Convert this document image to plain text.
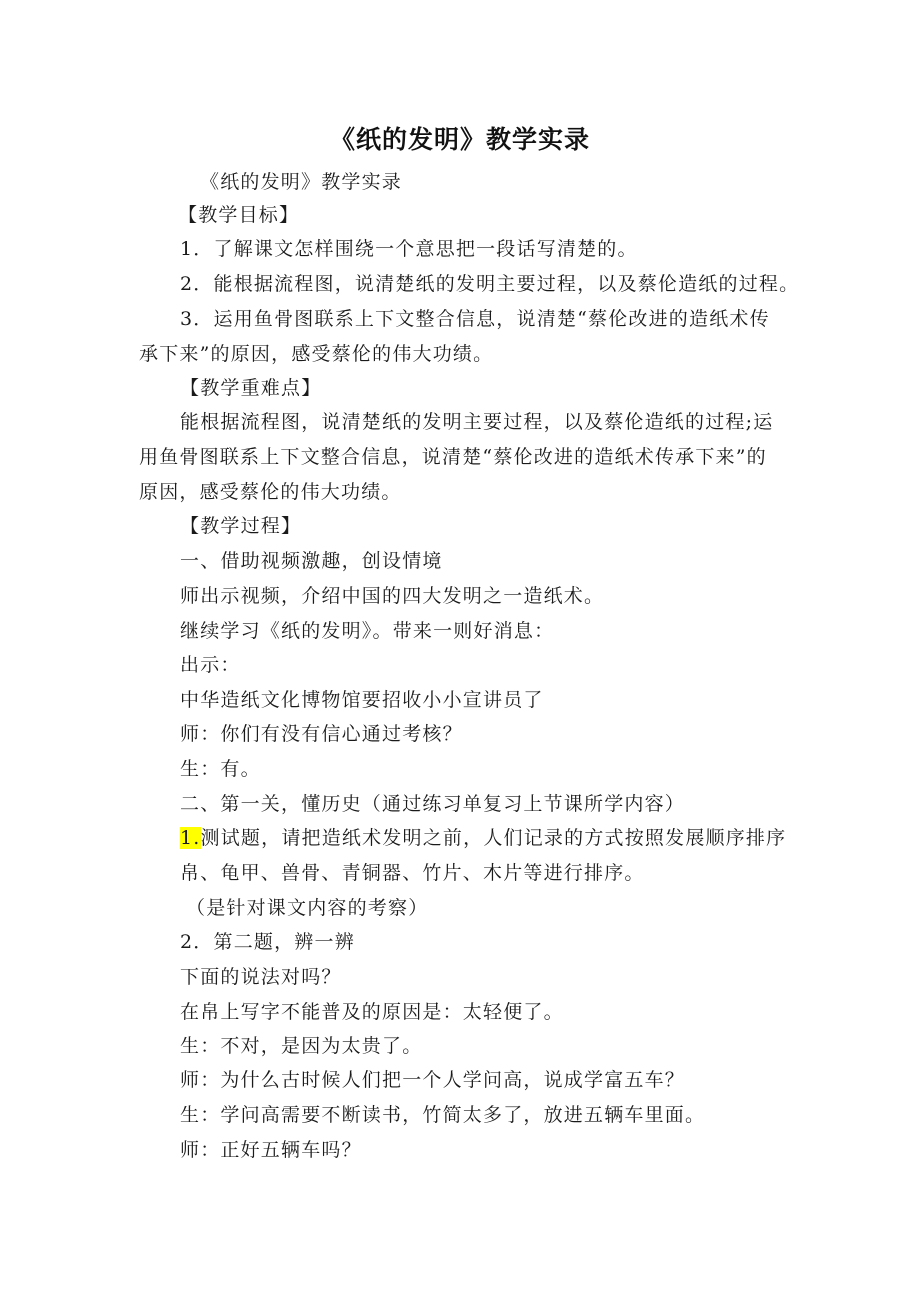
《纸的发明》教学实录
《纸的发明》教学实录
【教学目标】
1．了解课文怎样围绕一个意思把一段话写清楚的。
2．能根据流程图，说清楚纸的发明主要过程，以及蔡伦造纸的过程。
3．运用鱼骨图联系上下文整合信息，说清楚“蔡伦改进的造纸术传
承下来”的原因，感受蔡伦的伟大功绩。
【教学重难点】
能根据流程图，说清楚纸的发明主要过程，以及蔡伦造纸的过程;运
用鱼骨图联系上下文整合信息，说清楚“蔡伦改进的造纸术传承下来”的
原因，感受蔡伦的伟大功绩。
【教学过程】
一、借助视频激趣，创设情境
师出示视频，介绍中国的四大发明之一造纸术。
继续学习《纸的发明》。带来一则好消息：
出示：
中华造纸文化博物馆要招收小小宣讲员了
师：你们有没有信心通过考核？
生：有。
二、第一关，懂历史（通过练习单复习上节课所学内容）
1.测试题，请把造纸术发明之前，人们记录的方式按照发展顺序排序
帛、龟甲、兽骨、青铜器、竹片、木片等进行排序。
（是针对课文内容的考察）
2．第二题，辨一辨
下面的说法对吗？
在帛上写字不能普及的原因是：太轻便了。
生：不对，是因为太贵了。
师：为什么古时候人们把一个人学问高，说成学富五车？
生：学问高需要不断读书，竹简太多了，放进五辆车里面。
师：正好五辆车吗？
